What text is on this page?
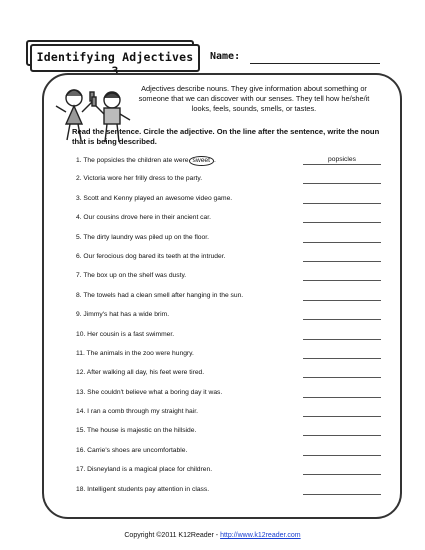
Identifying Adjectives 3
Name:
Adjectives describe nouns. They give information about something or someone that we can discover with our senses. They tell how he/she/it looks, feels, sounds, smells, or tastes.
Read the sentence. Circle the adjective. On the line after the sentence, write the noun that is being described.
1. The popsicles the children ate were sweet .	popsicles
2. Victoria wore her frilly dress to the party.
3. Scott and Kenny played an awesome video game.
4. Our cousins drove here in their ancient car.
5. The dirty laundry was piled up on the floor.
6. Our ferocious dog bared its teeth at the intruder.
7. The box up on the shelf was dusty.
8. The towels had a clean smell after hanging in the sun.
9. Jimmy's hat has a wide brim.
10. Her cousin is a fast swimmer.
11. The animals in the zoo were hungry.
12. After walking all day, his feet were tired.
13. She couldn't believe what a boring day it was.
14. I ran a comb through my straight hair.
15. The house is majestic on the hillside.
16. Carrie's shoes are uncomfortable.
17. Disneyland is a magical place for children.
18. Intelligent students pay attention in class.
Copyright ©2011 K12Reader - http://www.k12reader.com
